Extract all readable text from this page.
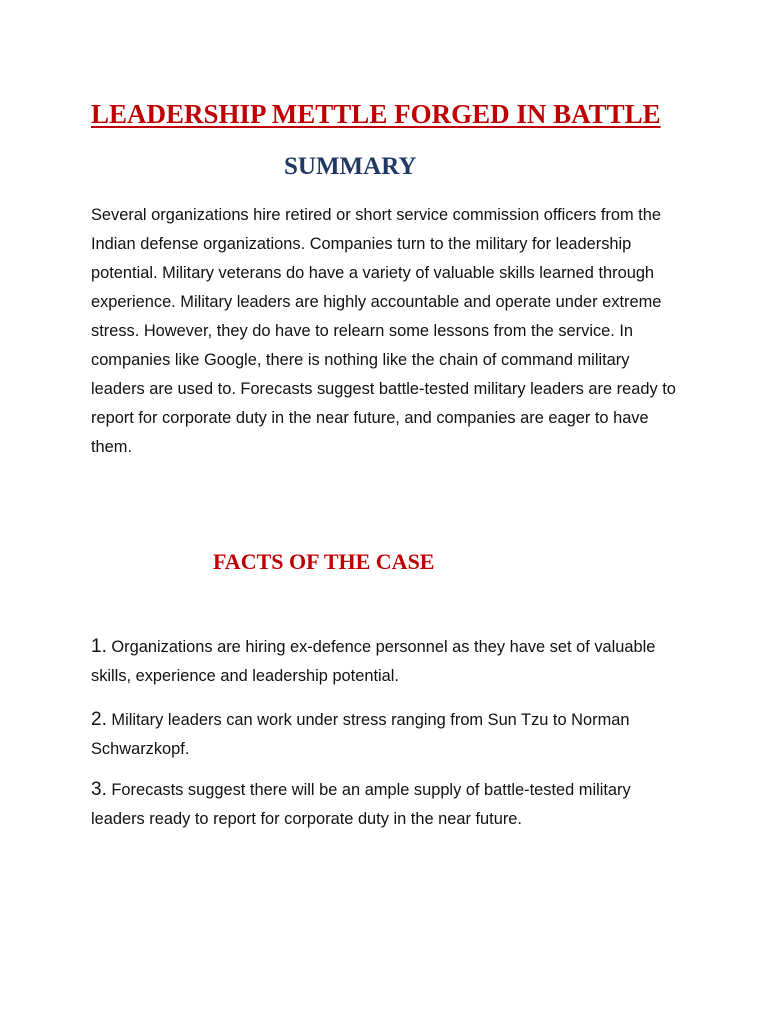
LEADERSHIP METTLE FORGED IN BATTLE
SUMMARY

Several organizations hire retired or short service commission officers from the Indian defense organizations. Companies turn to the military for leadership potential. Military veterans do have a variety of valuable skills learned through experience. Military leaders are highly accountable and operate under extreme stress. However, they do have to relearn some lessons from the service. In companies like Google, there is nothing like the chain of command military leaders are used to. Forecasts suggest battle-tested military leaders are ready to report for corporate duty in the near future, and companies are eager to have them.

FACTS OF THE CASE
1. Organizations are hiring ex-defence personnel as they have set of valuable skills, experience and leadership potential.
2. Military leaders can work under stress ranging from Sun Tzu to Norman Schwarzkopf.
3. Forecasts suggest there will be an ample supply of battle-tested military leaders ready to report for corporate duty in the near future.
